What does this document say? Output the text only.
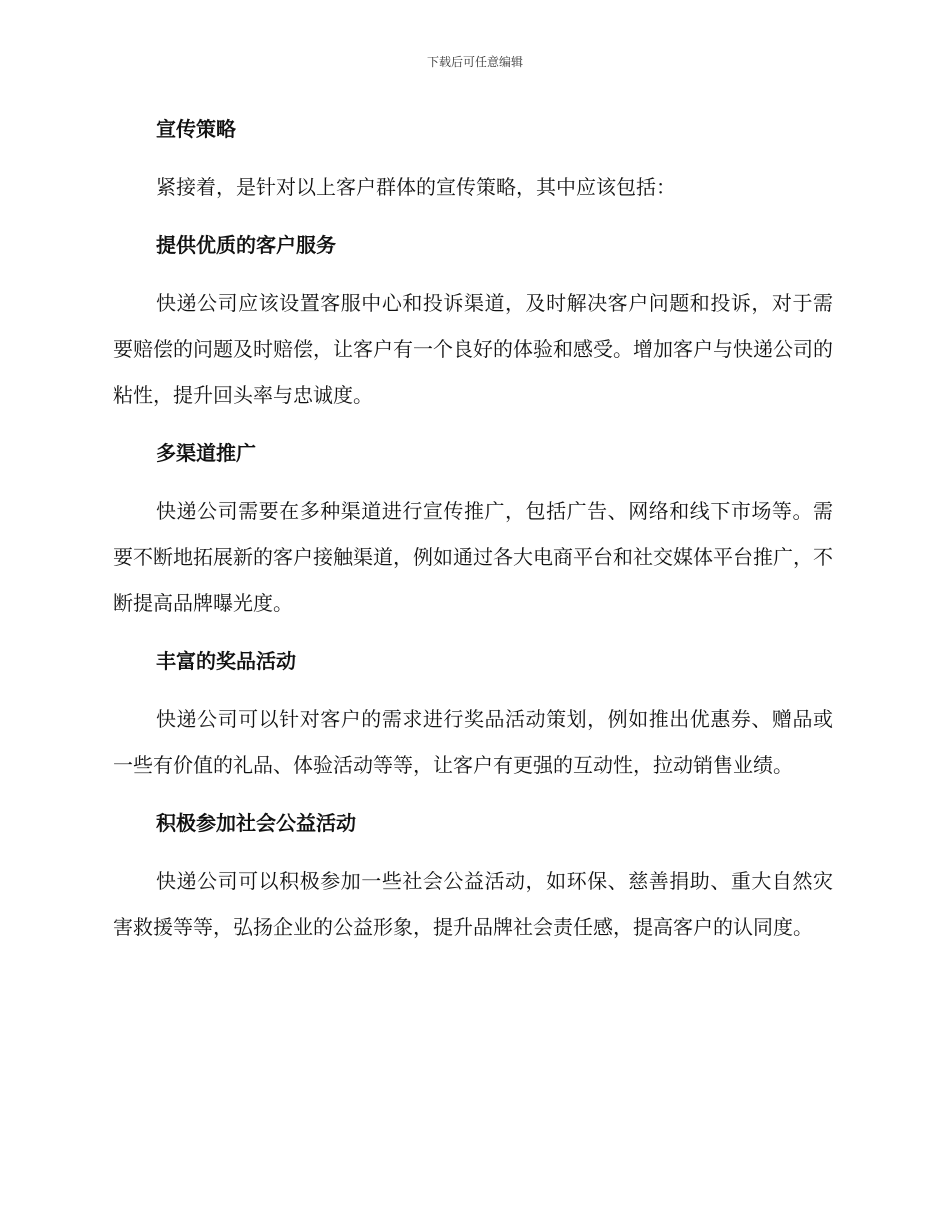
下载后可任意编辑
宣传策略
紧接着，是针对以上客户群体的宣传策略，其中应该包括：
提供优质的客户服务
快递公司应该设置客服中心和投诉渠道，及时解决客户问题和投诉，对于需要赔偿的问题及时赔偿，让客户有一个良好的体验和感受。增加客户与快递公司的粘性，提升回头率与忠诚度。
多渠道推广
快递公司需要在多种渠道进行宣传推广，包括广告、网络和线下市场等。需要不断地拓展新的客户接触渠道，例如通过各大电商平台和社交媒体平台推广，不断提高品牌曝光度。
丰富的奖品活动
快递公司可以针对客户的需求进行奖品活动策划，例如推出优惠券、赠品或一些有价值的礼品、体验活动等等，让客户有更强的互动性，拉动销售业绩。
积极参加社会公益活动
快递公司可以积极参加一些社会公益活动，如环保、慈善捐助、重大自然灾害救援等等，弘扬企业的公益形象，提升品牌社会责任感，提高客户的认同度。
